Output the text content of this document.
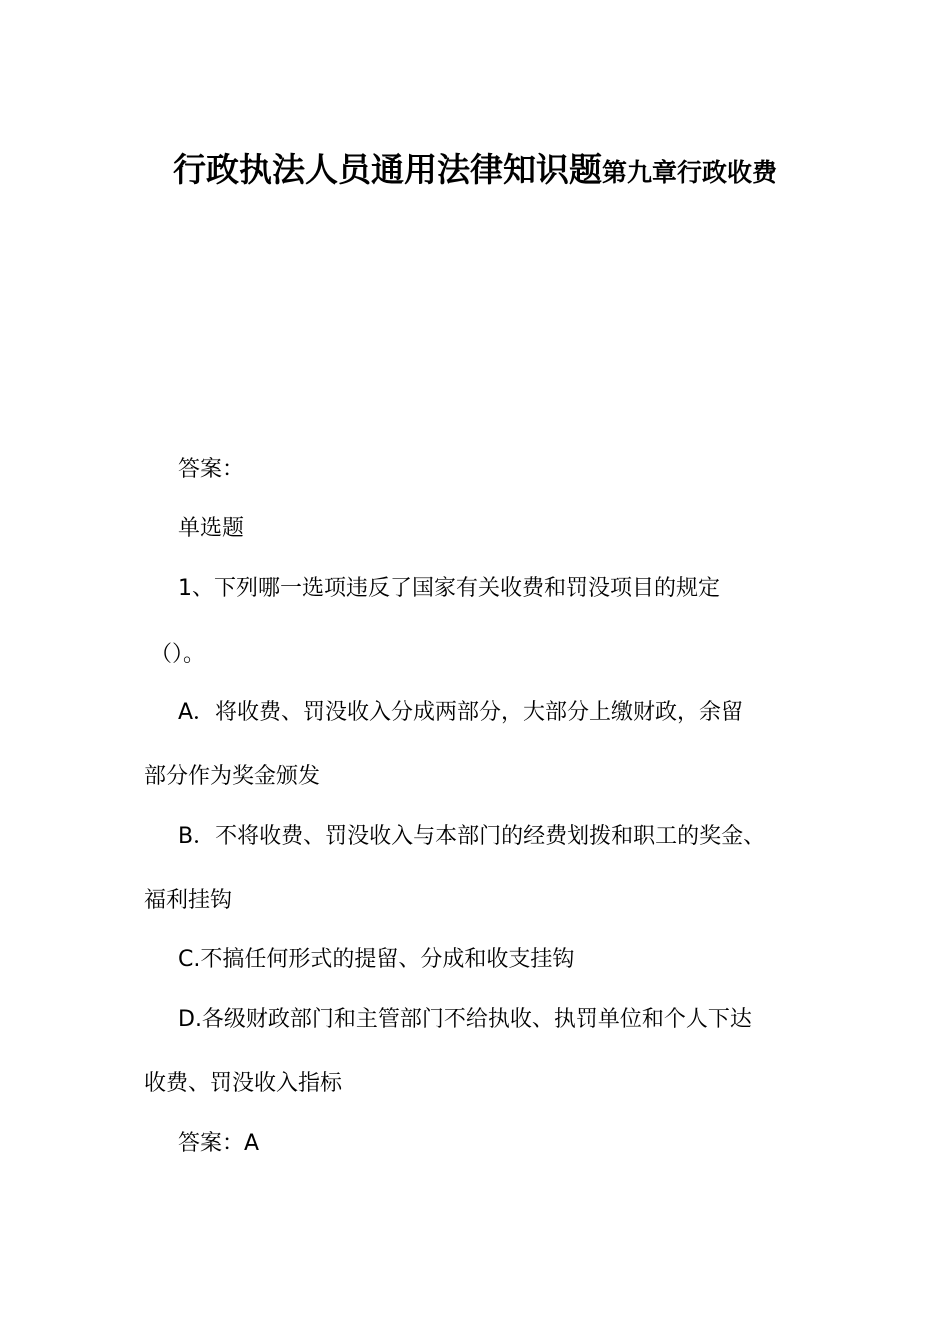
行政执法人员通用法律知识题第九章行政收费
答案：
单选题
1、下列哪一选项违反了国家有关收费和罚没项目的规定
（）。
A．将收费、罚没收入分成两部分，大部分上缴财政，余留
部分作为奖金颁发
B．不将收费、罚没收入与本部门的经费划拨和职工的奖金、
福利挂钩
C.不搞任何形式的提留、分成和收支挂钩
D.各级财政部门和主管部门不给执收、执罚单位和个人下达
收费、罚没收入指标
答案：A
